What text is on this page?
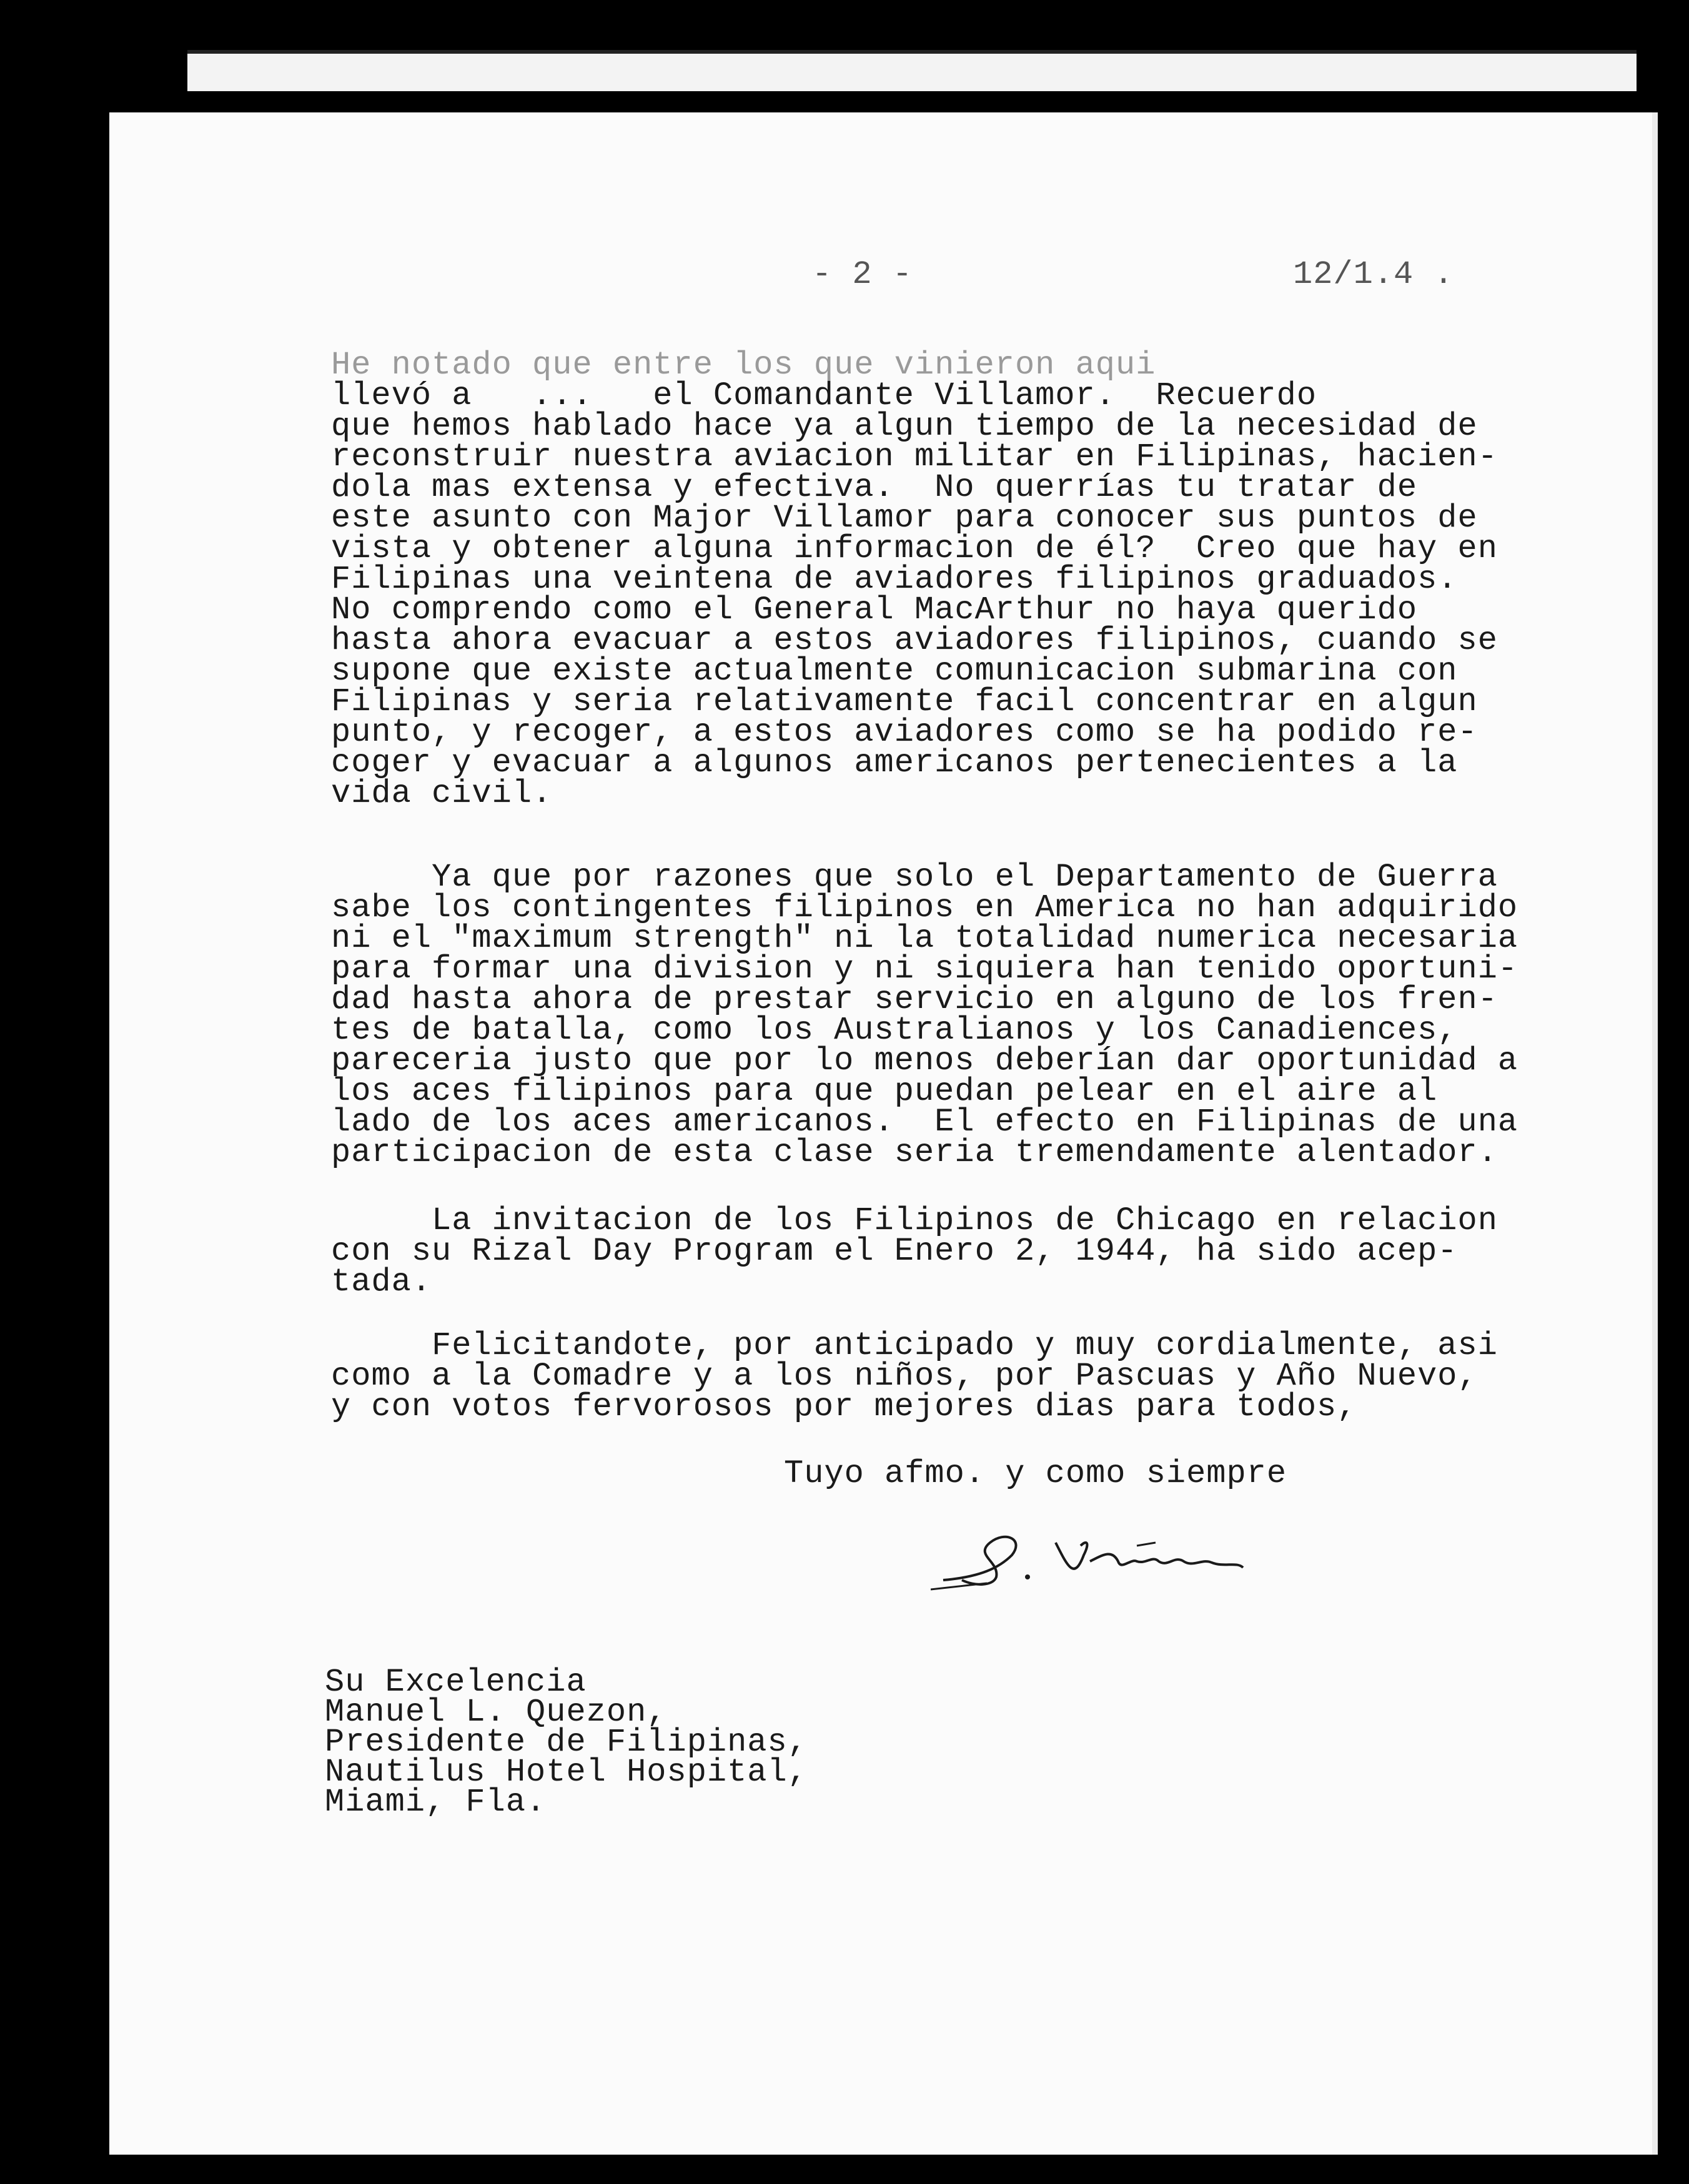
- 2 -	12/1.4 .
He notado que entre los que vinieron aqui
llevó a   ...   el Comandante Villamor.  Recuerdo
que hemos hablado hace ya algun tiempo de la necesidad de
reconstruir nuestra aviacion militar en Filipinas, hacien-
dola mas extensa y efectiva.  No querrías tu tratar de
este asunto con Major Villamor para conocer sus puntos de
vista y obtener alguna informacion de él?  Creo que hay en
Filipinas una veintena de aviadores filipinos graduados.
No comprendo como el General MacArthur no haya querido
hasta ahora evacuar a estos aviadores filipinos, cuando se
supone que existe actualmente comunicacion submarina con
Filipinas y seria relativamente facil concentrar en algun
punto, y recoger, a estos aviadores como se ha podido re-
coger y evacuar a algunos americanos pertenecientes a la
vida civil.
Ya que por razones que solo el Departamento de Guerra
sabe los contingentes filipinos en America no han adquirido
ni el "maximum strength" ni la totalidad numerica necesaria
para formar una division y ni siquiera han tenido oportuni-
dad hasta ahora de prestar servicio en alguno de los fren-
tes de batalla, como los Australianos y los Canadiences,
pareceria justo que por lo menos deberían dar oportunidad a
los aces filipinos para que puedan pelear en el aire al
lado de los aces americanos.  El efecto en Filipinas de una
participacion de esta clase seria tremendamente alentador.
La invitacion de los Filipinos de Chicago en relacion
con su Rizal Day Program el Enero 2, 1944, ha sido acep-
tada.
Felicitandote, por anticipado y muy cordialmente, asi
como a la Comadre y a los niños, por Pascuas y Año Nuevo,
y con votos fervorosos por mejores dias para todos,
Tuyo afmo. y como siempre
Su Excelencia
Manuel L. Quezon,
Presidente de Filipinas,
Nautilus Hotel Hospital,
Miami, Fla.
